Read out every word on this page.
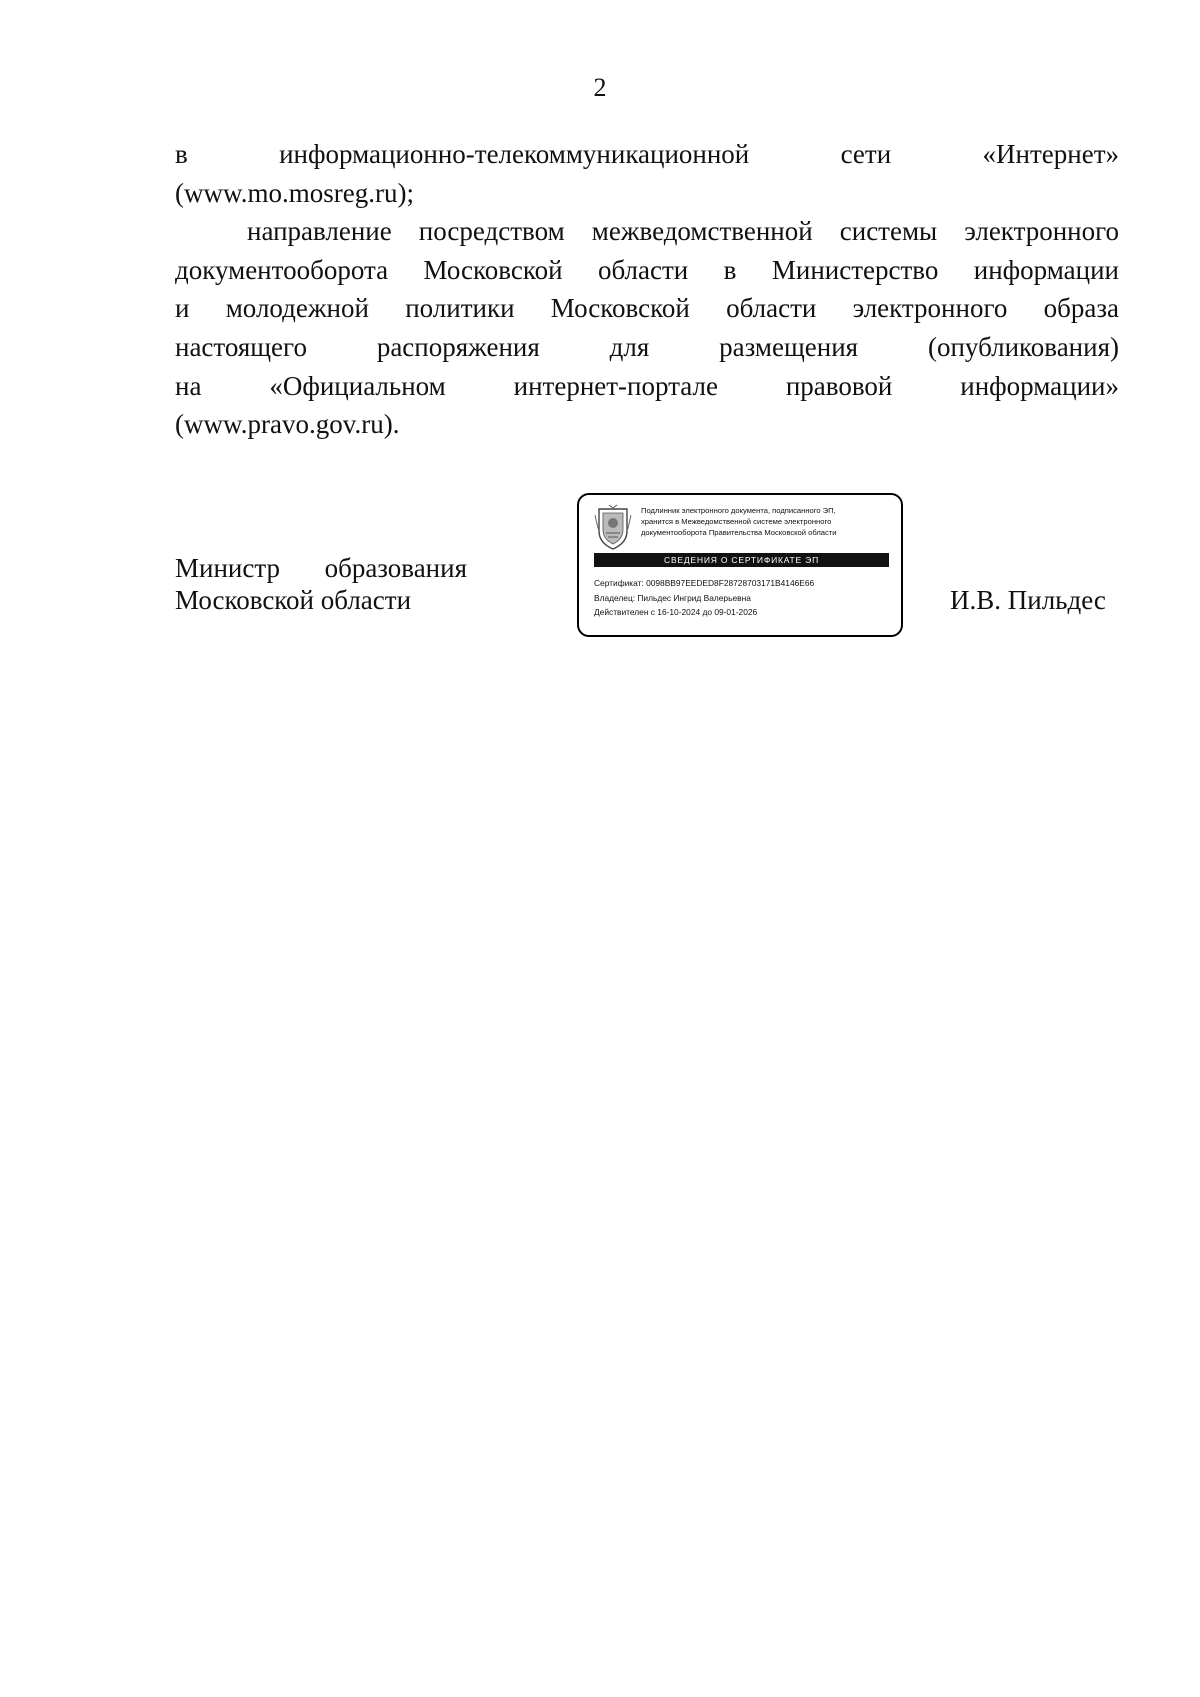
2
в информационно-телекоммуникационной сети «Интернет»
(www.mo.mosreg.ru);
направление посредством межведомственной системы электронного
документооборота Московской области в Министерство информации
и молодежной политики Московской области электронного образа
настоящего распоряжения для размещения (опубликования)
на «Официальном интернет-портале правовой информации»
(www.pravo.gov.ru).
Министр образования
Московской области
Подлинник электронного документа, подписанного ЭП,
хранится в Межведомственной системе электронного
документооборота Правительства Московской области
СВЕДЕНИЯ О СЕРТИФИКАТЕ ЭП
Сертификат: 0098BB97EEDED8F28728703171B4146E66
Владелец: Пильдес Ингрид Валерьевна
Действителен с 16-10-2024 до 09-01-2026	И.В. Пильдес
